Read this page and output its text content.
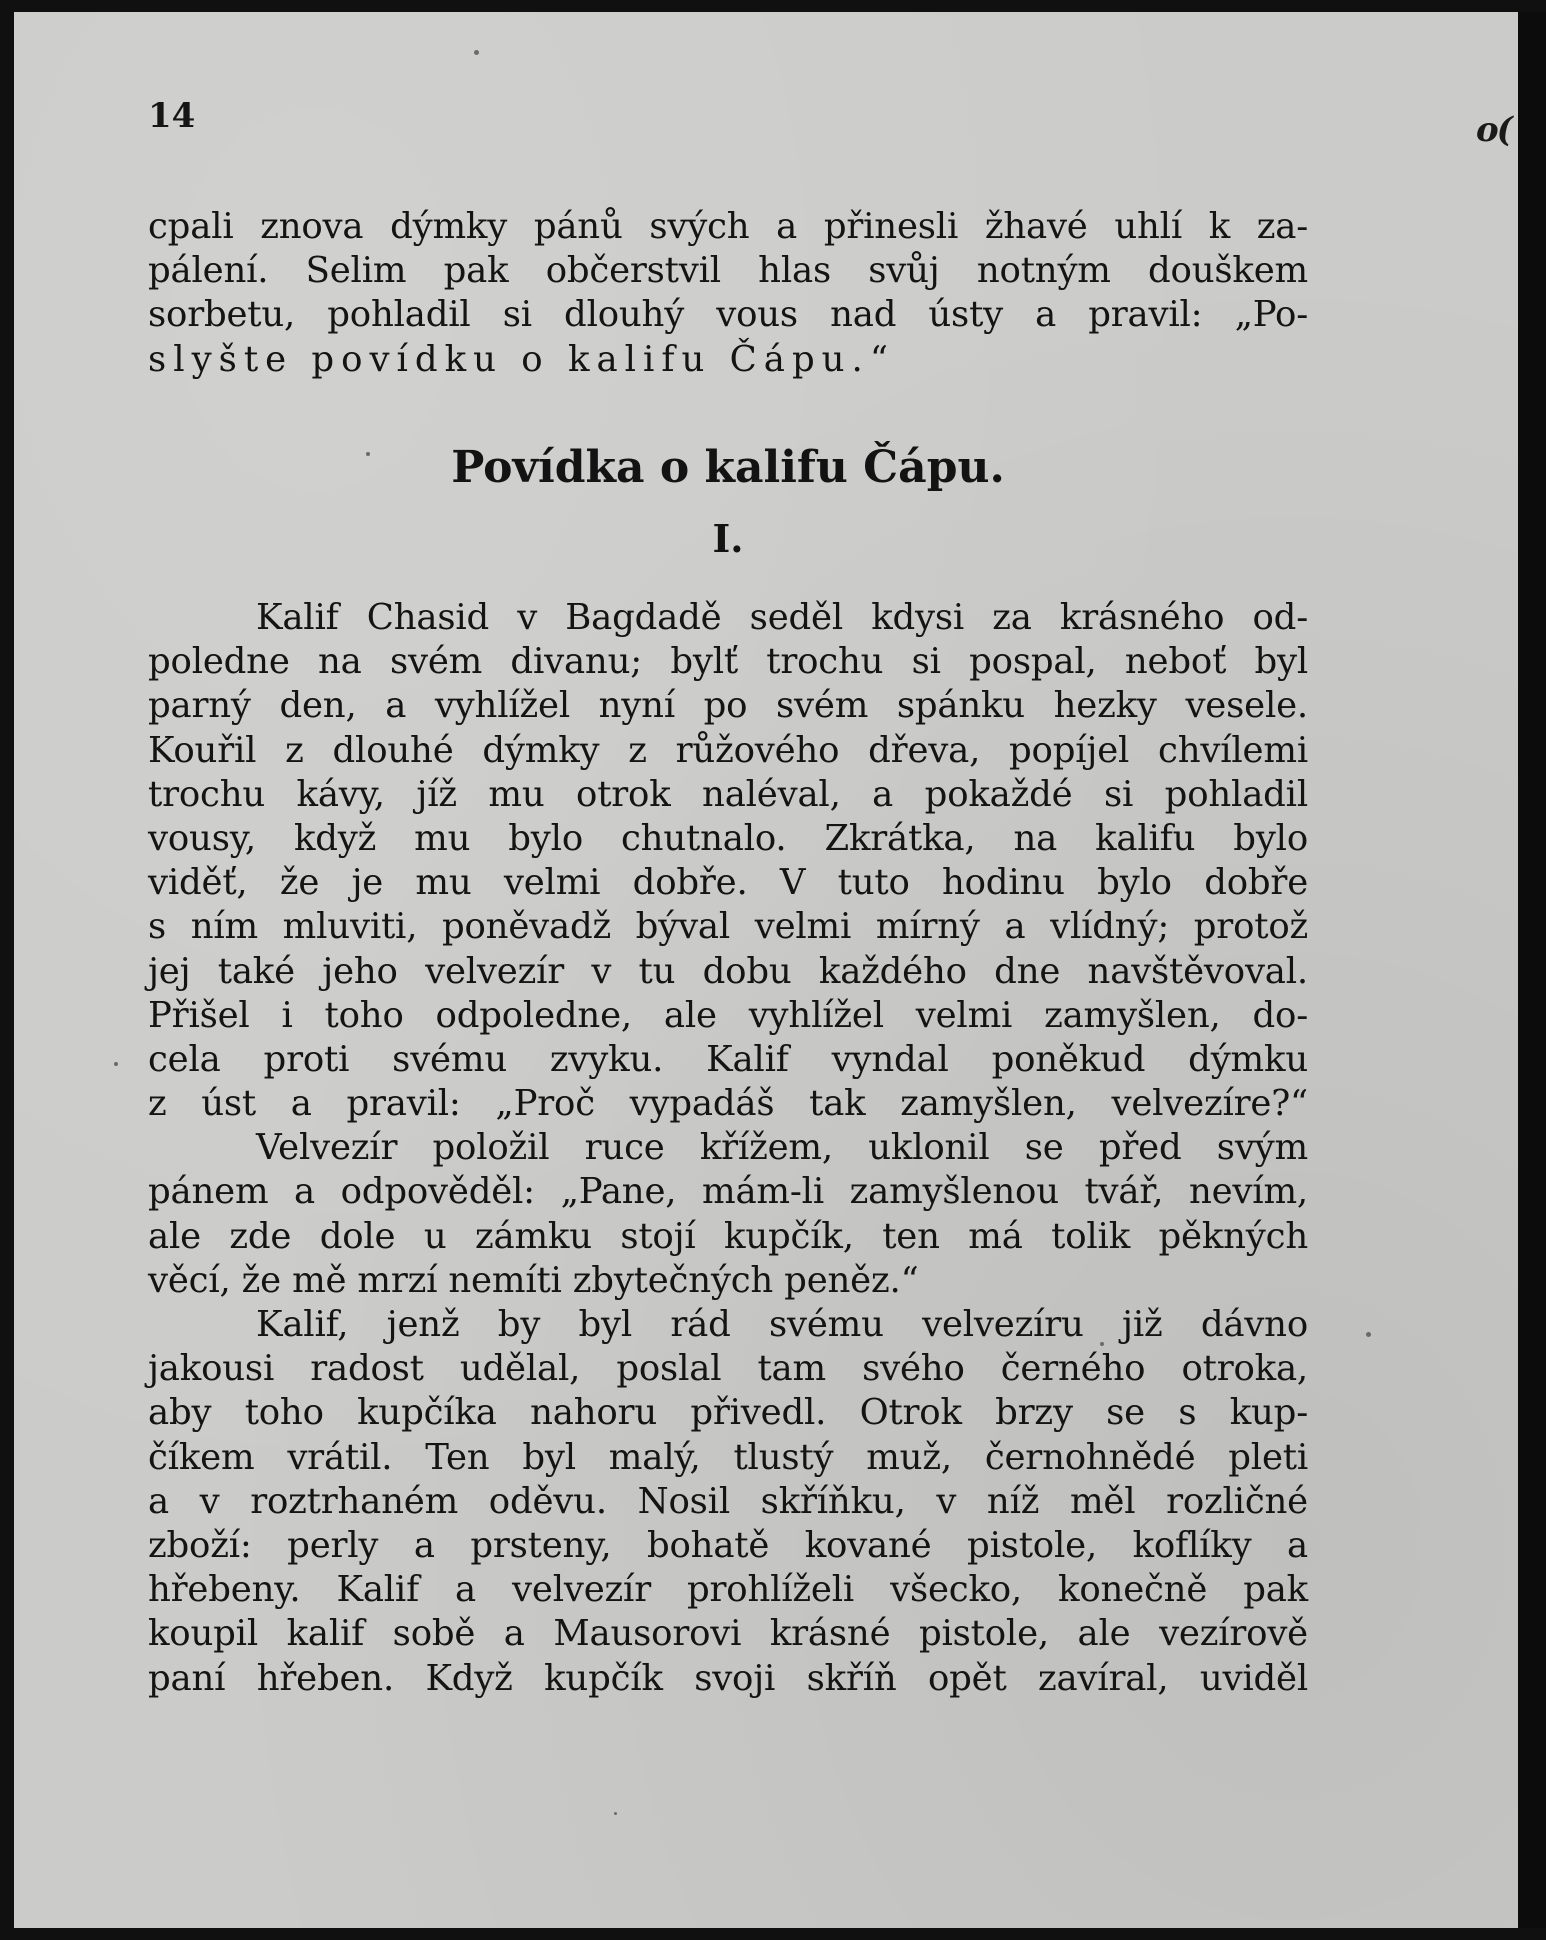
o(

14

cpali znova dýmky pánů svých a přinesli žhavé uhlí k za-
pálení. Selim pak občerstvil hlas svůj notným douškem
sorbetu, pohladil si dlouhý vous nad ústy a pravil: „Po-
slyšte povídku o kalifu Čápu.“
Povídka o kalifu Čápu.
I.
Kalif Chasid v Bagdadě seděl kdysi za krásného od-
poledne na svém divanu; bylť trochu si pospal, neboť byl
parný den, a vyhlížel nyní po svém spánku hezky vesele.
Kouřil z dlouhé dýmky z růžového dřeva, popíjel chvílemi
trochu kávy, jíž mu otrok naléval, a pokaždé si pohladil
vousy, když mu bylo chutnalo. Zkrátka, na kalifu bylo
viděť, že je mu velmi dobře. V tuto hodinu bylo dobře
s ním mluviti, poněvadž býval velmi mírný a vlídný; protož
jej také jeho velvezír v tu dobu každého dne navštěvoval.
Přišel i toho odpoledne, ale vyhlížel velmi zamyšlen, do-
cela proti svému zvyku. Kalif vyndal poněkud dýmku
z úst a pravil: „Proč vypadáš tak zamyšlen, velvezíre?“
Velvezír položil ruce křížem, uklonil se před svým
pánem a odpověděl: „Pane, mám-li zamyšlenou tvář, nevím,
ale zde dole u zámku stojí kupčík, ten má tolik pěkných
věcí, že mě mrzí nemíti zbytečných peněz.“
Kalif, jenž by byl rád svému velvezíru již dávno
jakousi radost udělal, poslal tam svého černého otroka,
aby toho kupčíka nahoru přivedl. Otrok brzy se s kup-
číkem vrátil. Ten byl malý, tlustý muž, černohnědé pleti
a v roztrhaném oděvu. Nosil skříňku, v níž měl rozličné
zboží: perly a prsteny, bohatě kované pistole, koflíky a
hřebeny. Kalif a velvezír prohlíželi všecko, konečně pak
koupil kalif sobě a Mausorovi krásné pistole, ale vezírově
paní hřeben. Když kupčík svoji skříň opět zavíral, uviděl
